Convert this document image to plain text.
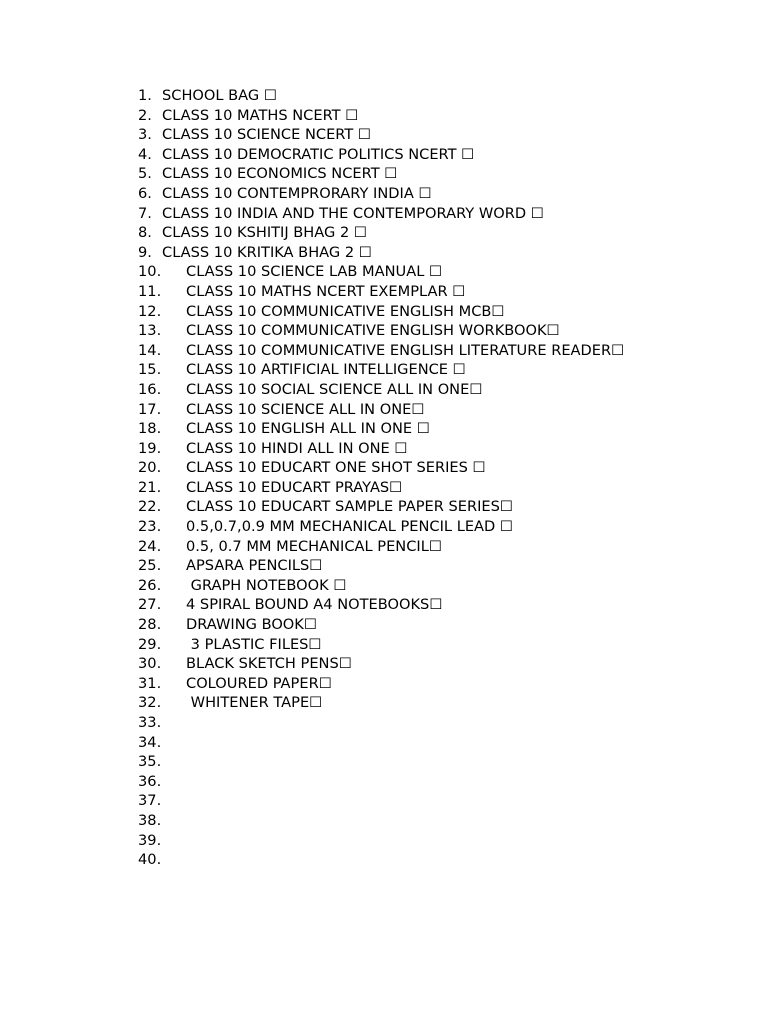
1. SCHOOL BAG ☐
2. CLASS 10 MATHS NCERT ☐
3. CLASS 10 SCIENCE NCERT ☐
4. CLASS 10 DEMOCRATIC POLITICS NCERT ☐
5. CLASS 10 ECONOMICS NCERT ☐
6. CLASS 10 CONTEMPRORARY INDIA ☐
7. CLASS 10 INDIA AND THE CONTEMPORARY WORD ☐
8. CLASS 10 KSHITIJ BHAG 2 ☐
9. CLASS 10 KRITIKA BHAG 2 ☐
10. CLASS 10 SCIENCE LAB MANUAL ☐
11. CLASS 10 MATHS NCERT EXEMPLAR ☐
12. CLASS 10 COMMUNICATIVE ENGLISH MCB☐
13. CLASS 10 COMMUNICATIVE ENGLISH WORKBOOK☐
14. CLASS 10 COMMUNICATIVE ENGLISH LITERATURE READER☐
15. CLASS 10 ARTIFICIAL INTELLIGENCE ☐
16. CLASS 10 SOCIAL SCIENCE ALL IN ONE☐
17. CLASS 10 SCIENCE ALL IN ONE☐
18. CLASS 10 ENGLISH ALL IN ONE ☐
19. CLASS 10 HINDI ALL IN ONE ☐
20. CLASS 10 EDUCART ONE SHOT SERIES ☐
21. CLASS 10 EDUCART PRAYAS☐
22. CLASS 10 EDUCART SAMPLE PAPER SERIES☐
23. 0.5,0.7,0.9 MM MECHANICAL PENCIL LEAD ☐
24. 0.5, 0.7 MM MECHANICAL PENCIL☐
25. APSARA PENCILS☐
26. GRAPH NOTEBOOK ☐
27. 4 SPIRAL BOUND A4 NOTEBOOKS☐
28. DRAWING BOOK☐
29. 3 PLASTIC FILES☐
30. BLACK SKETCH PENS☐
31. COLOURED PAPER☐
32. WHITENER TAPE☐
33.
34.
35.
36.
37.
38.
39.
40.
